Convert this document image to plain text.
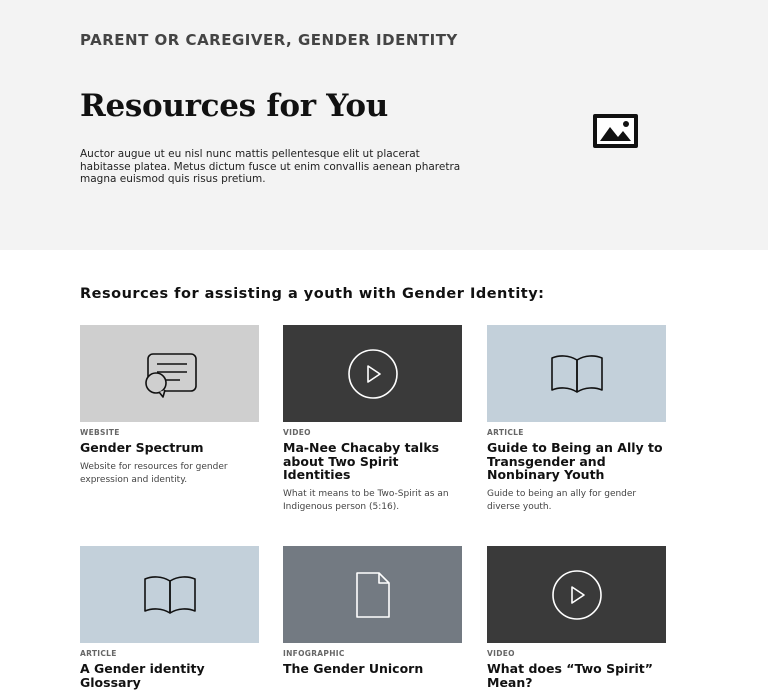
PARENT OR CAREGIVER, GENDER IDENTITY
Resources for You

Auctor augue ut eu nisl nunc mattis pellentesque elit ut placerat habitasse platea. Metus dictum fusce ut enim convallis aenean pharetra magna euismod quis risus pretium.

Resources for assisting a youth with Gender Identity:
WEBSITE
Gender Spectrum
Website for resources for gender expression and identity.
VIDEO
Ma-Nee Chacaby talks about Two Spirit Identities
What it means to be Two-Spirit as an Indigenous person (5:16).
ARTICLE
Guide to Being an Ally to Transgender and Nonbinary Youth
Guide to being an ally for gender diverse youth.
ARTICLE
A Gender identity Glossary
INFOGRAPHIC
The Gender Unicorn
VIDEO
What does “Two Spirit” Mean?
